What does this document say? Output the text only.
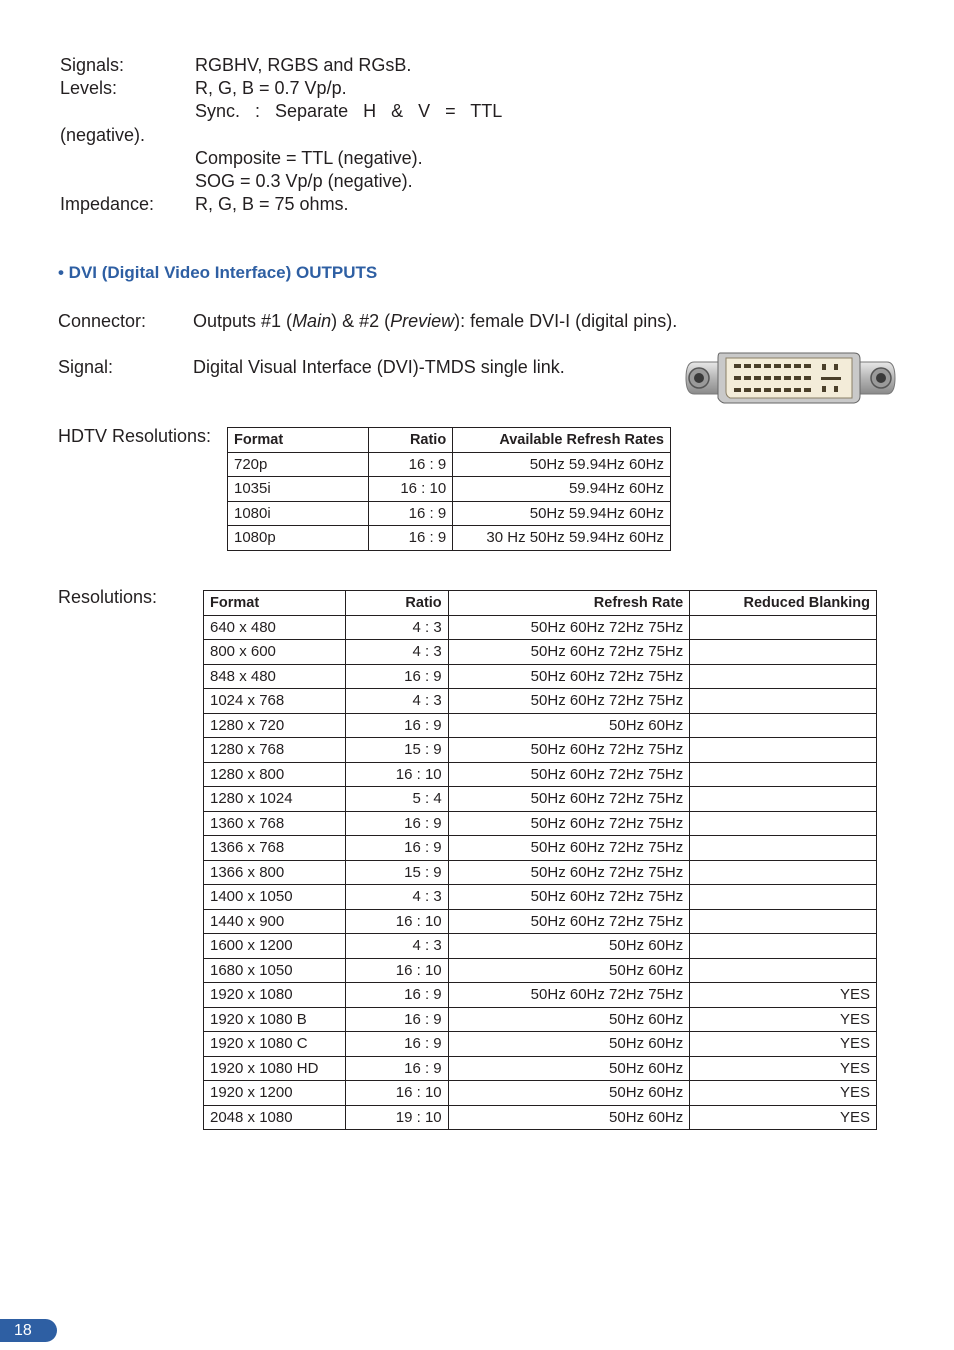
Signals:	RGBHV, RGBS and RGsB.
Levels:	R, G, B = 0.7 Vp/p.
Sync.   :   Separate   H   &   V   =   TTL
(negative).
Composite = TTL (negative).
SOG = 0.3 Vp/p (negative).
Impedance: R, G, B = 75 ohms.
• DVI (Digital Video Interface) OUTPUTS
Connector:	Outputs #1 (Main) & #2 (Preview): female DVI-I (digital pins).
Signal:	Digital Visual Interface (DVI)-TMDS single link.
HDTV Resolutions: Format	Ratio	Available Refresh Rates
720p	16 : 9	50Hz 59.94Hz 60Hz
1035i	16 : 10	59.94Hz 60Hz
1080i	16 : 9	50Hz 59.94Hz 60Hz
1080p	16 : 9	30 Hz 50Hz 59.94Hz 60Hz
Resolutions:	Format	Ratio	Refresh Rate	Reduced Blanking
640 x 480	4 : 3	50Hz 60Hz 72Hz 75Hz	
800 x 600	4 : 3	50Hz 60Hz 72Hz 75Hz	
848 x 480	16 : 9	50Hz 60Hz 72Hz 75Hz	
1024 x 768	4 : 3	50Hz 60Hz 72Hz 75Hz	
1280 x 720	16 : 9	50Hz 60Hz	
1280 x 768	15 : 9	50Hz 60Hz 72Hz 75Hz	
1280 x 800	16 : 10	50Hz 60Hz 72Hz 75Hz	
1280 x 1024	5 : 4	50Hz 60Hz 72Hz 75Hz	
1360 x 768	16 : 9	50Hz 60Hz 72Hz 75Hz	
1366 x 768	16 : 9	50Hz 60Hz 72Hz 75Hz	
1366 x 800	15 : 9	50Hz 60Hz 72Hz 75Hz	
1400 x 1050	4 : 3	50Hz 60Hz 72Hz 75Hz	
1440 x 900	16 : 10	50Hz 60Hz 72Hz 75Hz	
1600 x 1200	4 : 3	50Hz 60Hz	
1680 x 1050	16 : 10	50Hz 60Hz	
1920 x 1080	16 : 9	50Hz 60Hz 72Hz 75Hz	YES
1920 x 1080 B	16 : 9	50Hz 60Hz	YES
1920 x 1080 C	16 : 9	50Hz 60Hz	YES
1920 x 1080 HD	16 : 9	50Hz 60Hz	YES
1920 x 1200	16 : 10	50Hz 60Hz	YES
2048 x 1080	19 : 10	50Hz 60Hz	YES
18
